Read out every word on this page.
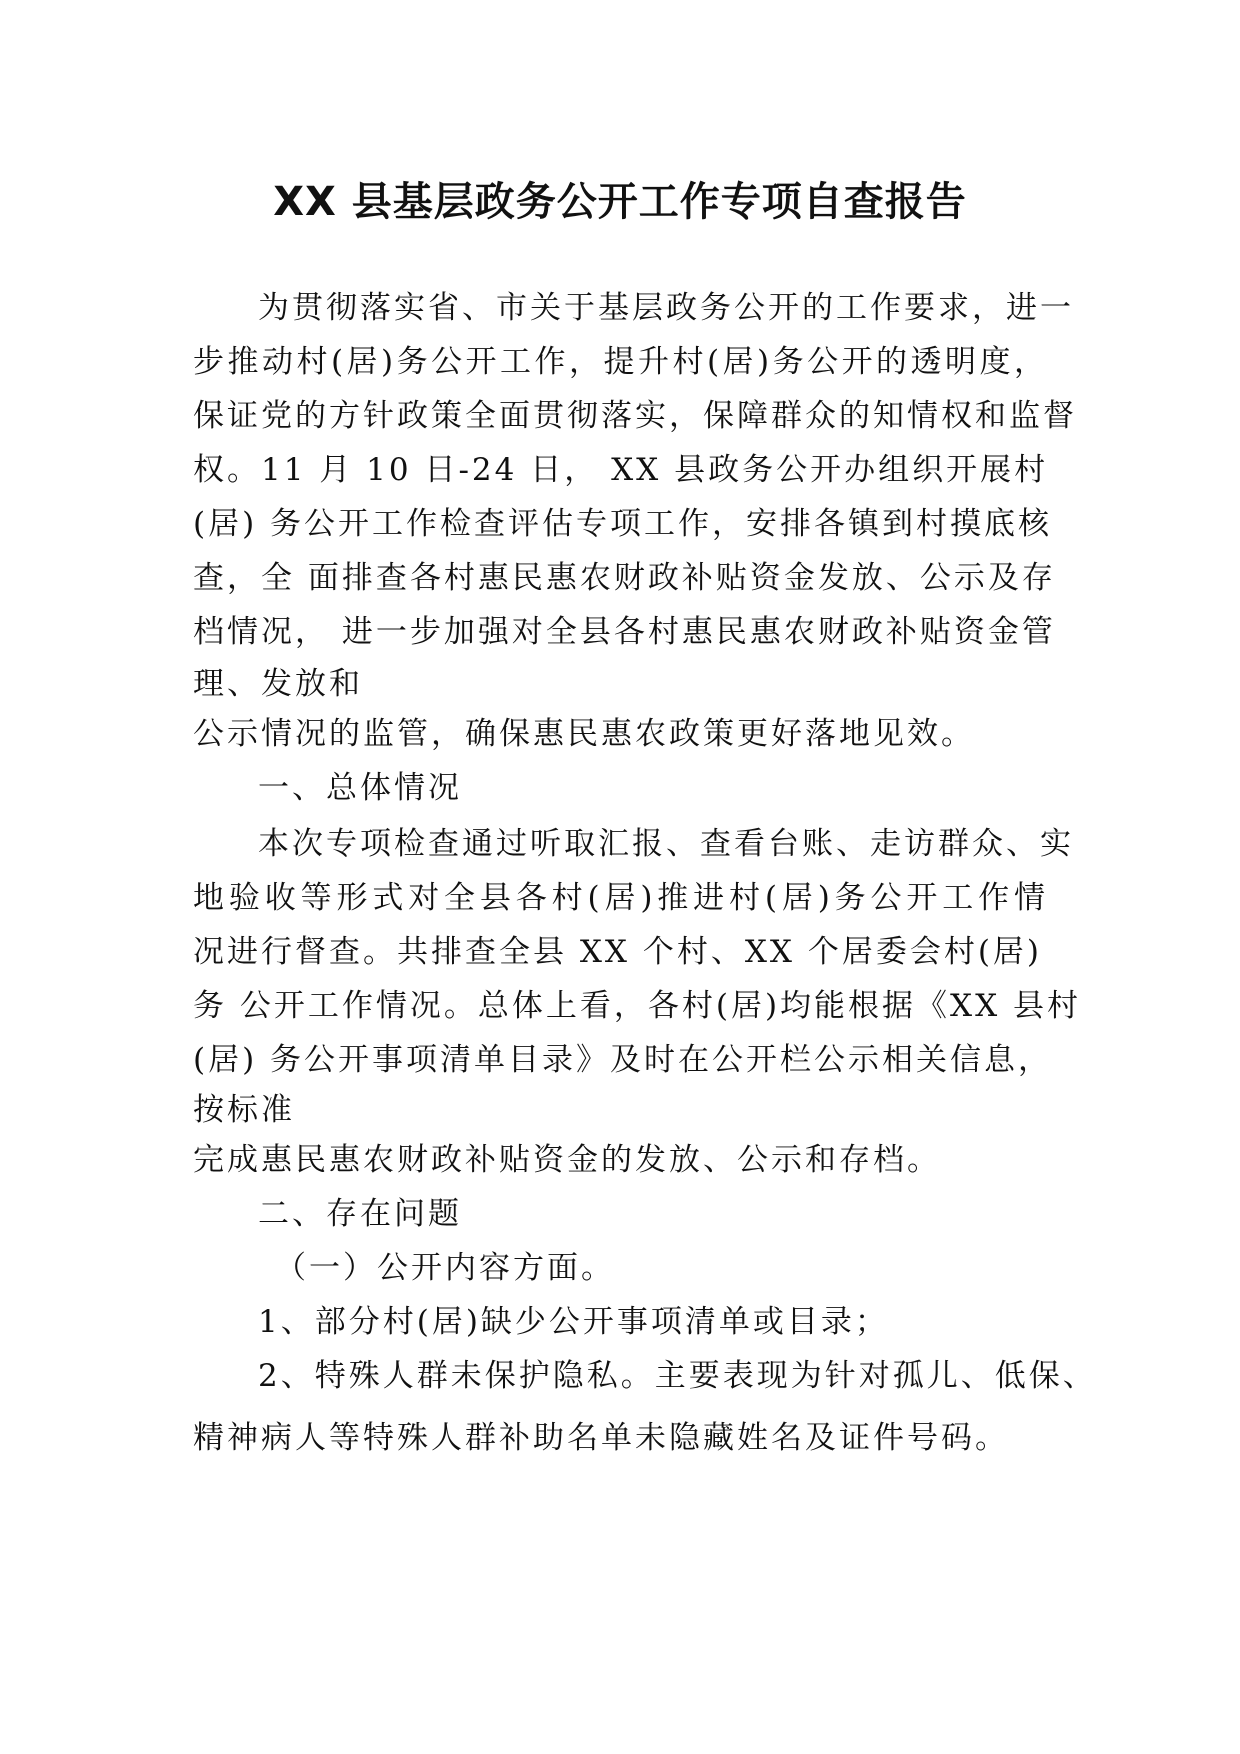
XX 县基层政务公开工作专项自查报告
为贯彻落实省、市关于基层政务公开的工作要求，进一
步推动村(居)务公开工作，提升村(居)务公开的透明度，
保证党的方针政策全面贯彻落实，保障群众的知情权和监督
权。11 月 10 日-24 日， XX 县政务公开办组织开展村
(居) 务公开工作检查评估专项工作，安排各镇到村摸底核
查，全 面排查各村惠民惠农财政补贴资金发放、公示及存
档情况， 进一步加强对全县各村惠民惠农财政补贴资金管
理、发放和
公示情况的监管，确保惠民惠农政策更好落地见效。
一、总体情况
本次专项检查通过听取汇报、查看台账、走访群众、实
地验收等形式对全县各村(居)推进村(居)务公开工作情
况进行督查。共排查全县 XX 个村、XX 个居委会村(居)
务 公开工作情况。总体上看，各村(居)均能根据《XX 县村
(居) 务公开事项清单目录》及时在公开栏公示相关信息，
按标准
完成惠民惠农财政补贴资金的发放、公示和存档。
二、存在问题
（一）公开内容方面。
1、部分村(居)缺少公开事项清单或目录；
2、特殊人群未保护隐私。主要表现为针对孤儿、低保、
精神病人等特殊人群补助名单未隐藏姓名及证件号码。
